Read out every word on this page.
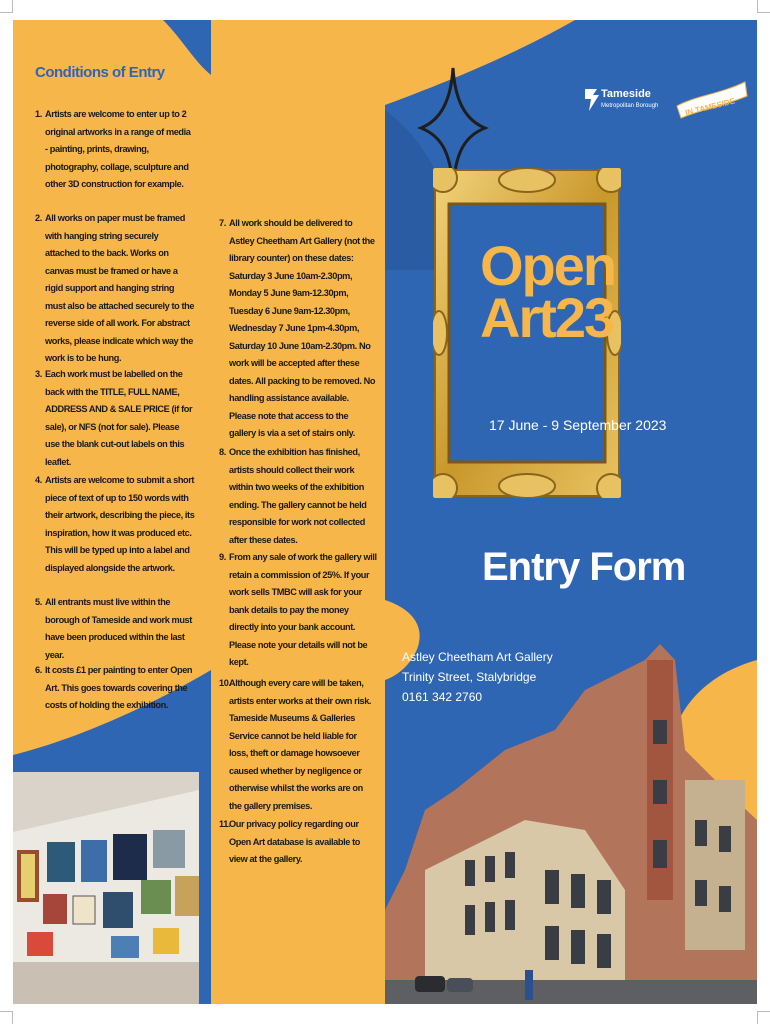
Conditions of Entry
1. Artists are welcome to enter up to 2 original artworks in a range of media - painting, prints, drawing, photography, collage, sculpture and other 3D construction for example.
2. All works on paper must be framed with hanging string securely attached to the back. Works on canvas must be framed or have a rigid support and hanging string must also be attached securely to the reverse side of all work. For abstract works, please indicate which way the work is to be hung.
3. Each work must be labelled on the back with the TITLE, FULL NAME, ADDRESS AND & SALE PRICE (if for sale), or NFS (not for sale). Please use the blank cut-out labels on this leaflet.
4. Artists are welcome to submit a short piece of text of up to 150 words with their artwork, describing the piece, its inspiration, how it was produced etc. This will be typed up into a label and displayed alongside the artwork.
5. All entrants must live within the borough of Tameside and work must have been produced within the last year.
6. It costs £1 per painting to enter Open Art. This goes towards covering the costs of holding the exhibition.
7. All work should be delivered to Astley Cheetham Art Gallery (not the library counter) on these dates: Saturday 3 June 10am-2.30pm, Monday 5 June 9am-12.30pm, Tuesday 6 June 9am-12.30pm, Wednesday 7 June 1pm-4.30pm, Saturday 10 June 10am-2.30pm. No work will be accepted after these dates. All packing to be removed. No handling assistance available. Please note that access to the gallery is via a set of stairs only.
8. Once the exhibition has finished, artists should collect their work within two weeks of the exhibition ending. The gallery cannot be held responsible for work not collected after these dates.
9. From any sale of work the gallery will retain a commission of 25%. If your work sells TMBC will ask for your bank details to pay the money directly into your bank account. Please note your details will not be kept.
10.
Although every care will be taken, artists enter works at their own risk. Tameside Museums & Galleries Service cannot be held liable for loss, theft or damage howsoever caused whether by negligence or otherwise whilst the works are on the gallery premises.
11.
Our privacy policy regarding our Open Art database is available to view at the gallery.
Open
Art23
17 June - 9 September 2023
Entry Form
Astley Cheetham Art Gallery
Trinity Street, Stalybridge
0161 342 2760
Tameside
Metropolitan Borough	IN TAMESIDE
